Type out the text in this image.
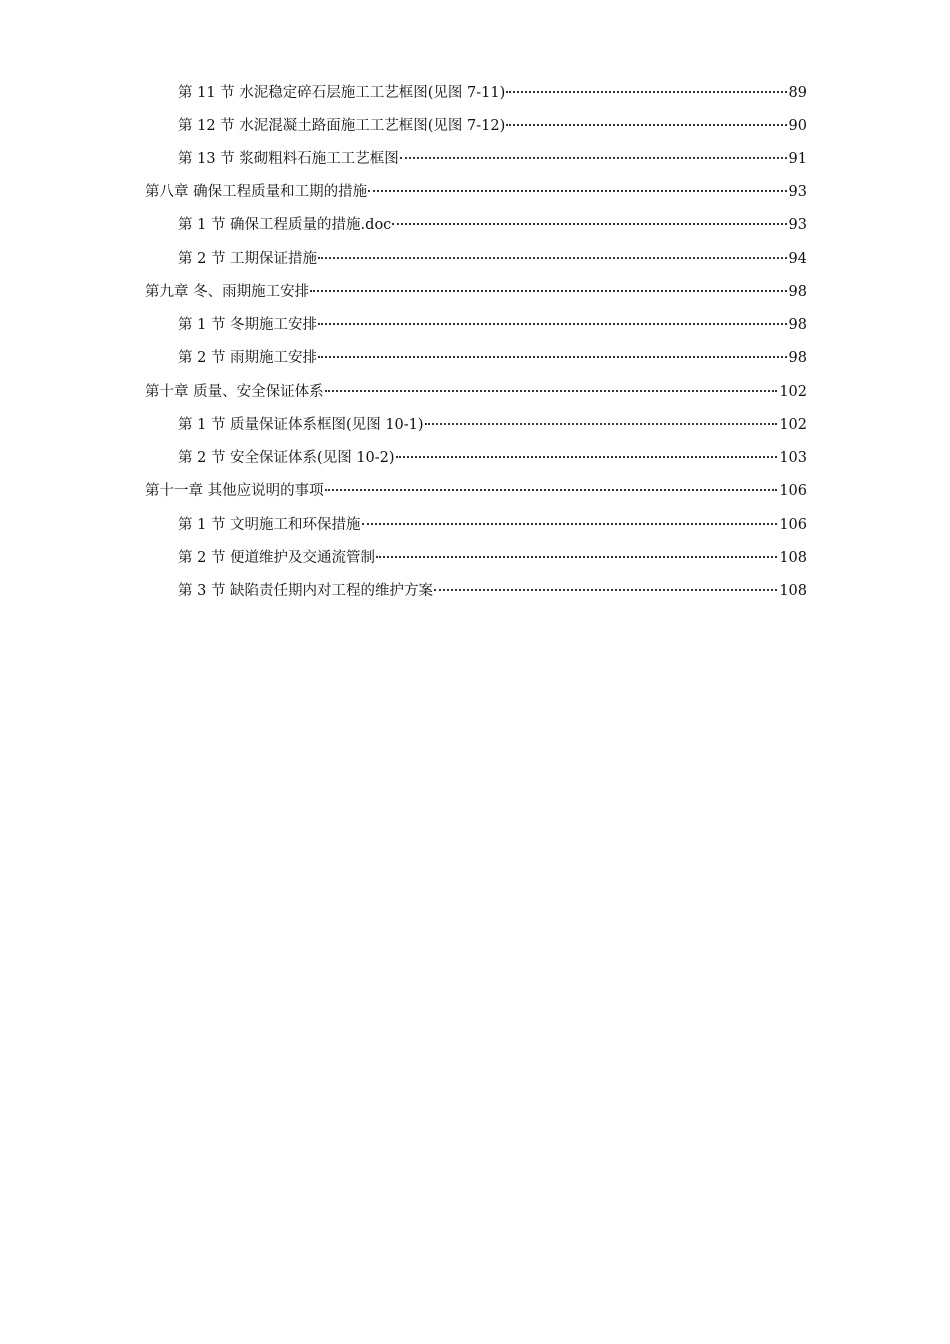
第 11 节 水泥稳定碎石层施工工艺框图(见图 7-11)	89
第 12 节 水泥混凝土路面施工工艺框图(见图 7-12)	90
第 13 节 浆砌粗料石施工工艺框图	91
第八章 确保工程质量和工期的措施	93
第 1 节 确保工程质量的措施.doc	93
第 2 节 工期保证措施	94
第九章 冬、雨期施工安排	98
第 1 节 冬期施工安排	98
第 2 节 雨期施工安排	98
第十章 质量、安全保证体系	102
第 1 节 质量保证体系框图(见图 10-1)	102
第 2 节 安全保证体系(见图 10-2)	103
第十一章 其他应说明的事项	106
第 1 节 文明施工和环保措施	106
第 2 节 便道维护及交通流管制	108
第 3 节 缺陷责任期内对工程的维护方案	108
